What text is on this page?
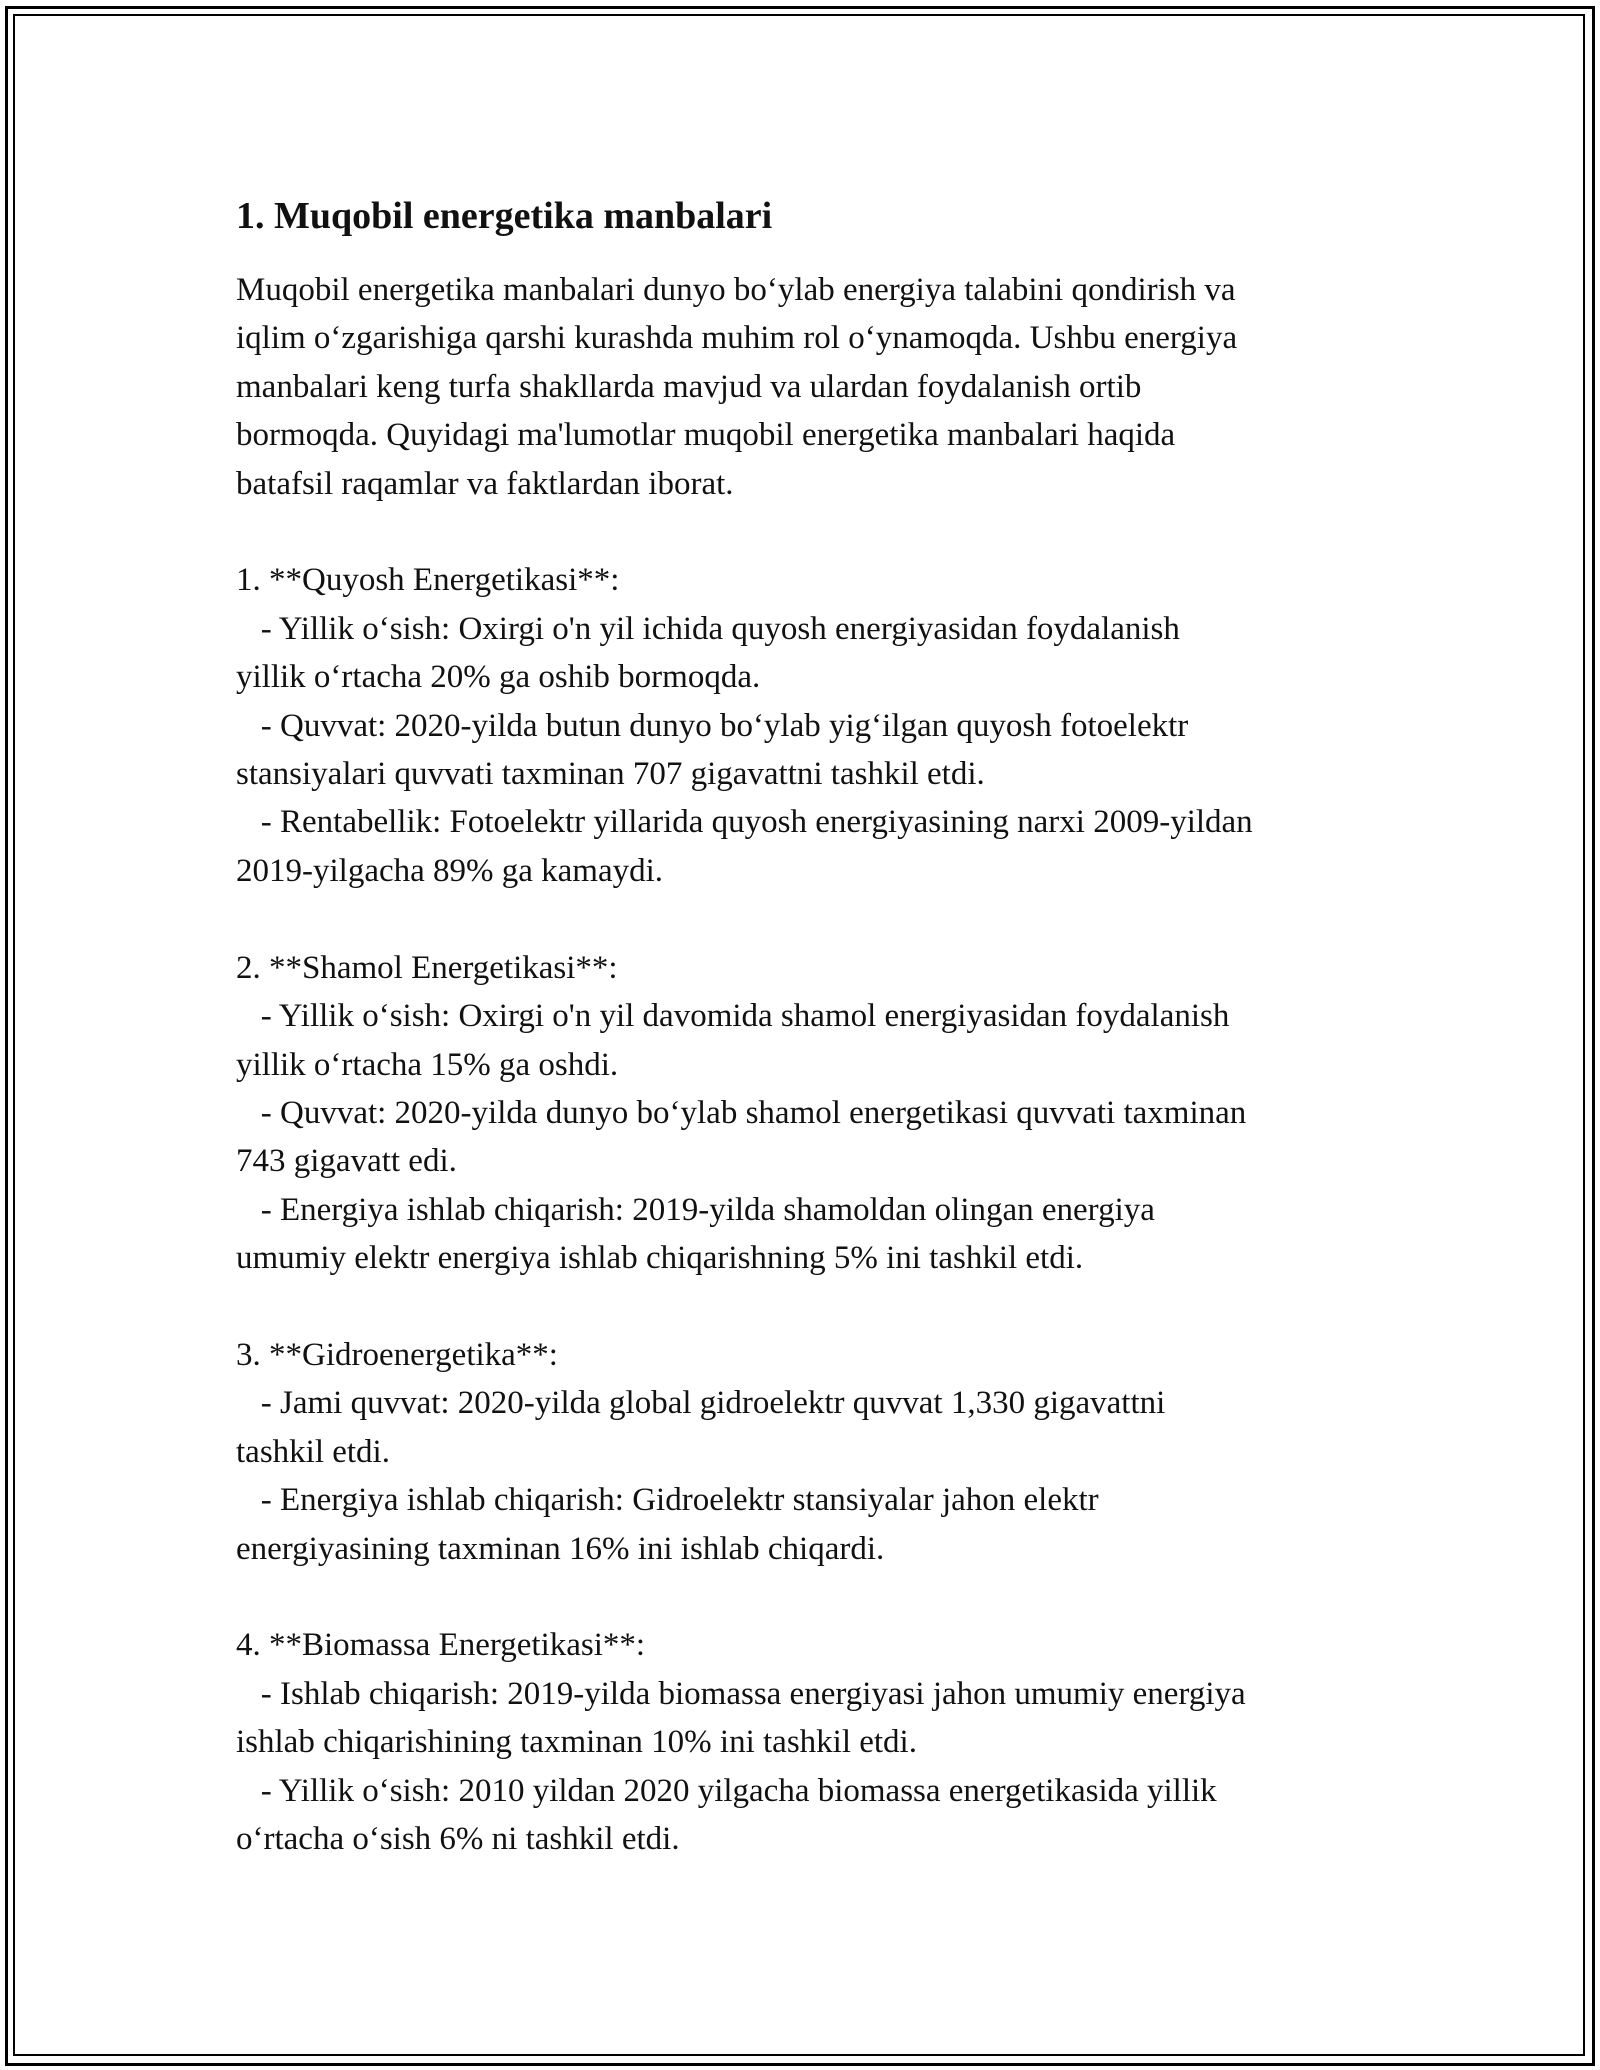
1. Muqobil energetika manbalari
Muqobil energetika manbalari dunyo bo‘ylab energiya talabini qondirish va
iqlim o‘zgarishiga qarshi kurashda muhim rol o‘ynamoqda. Ushbu energiya
manbalari keng turfa shakllarda mavjud va ulardan foydalanish ortib
bormoqda. Quyidagi ma'lumotlar muqobil energetika manbalari haqida
batafsil raqamlar va faktlardan iborat.

1. **Quyosh Energetikasi**:
- Yillik o‘sish: Oxirgi o'n yil ichida quyosh energiyasidan foydalanish
yillik o‘rtacha 20% ga oshib bormoqda.
- Quvvat: 2020-yilda butun dunyo bo‘ylab yig‘ilgan quyosh fotoelektr
stansiyalari quvvati taxminan 707 gigavattni tashkil etdi.
- Rentabellik: Fotoelektr yillarida quyosh energiyasining narxi 2009-yildan
2019-yilgacha 89% ga kamaydi.

2. **Shamol Energetikasi**:
- Yillik o‘sish: Oxirgi o'n yil davomida shamol energiyasidan foydalanish
yillik o‘rtacha 15% ga oshdi.
- Quvvat: 2020-yilda dunyo bo‘ylab shamol energetikasi quvvati taxminan
743 gigavatt edi.
- Energiya ishlab chiqarish: 2019-yilda shamoldan olingan energiya
umumiy elektr energiya ishlab chiqarishning 5% ini tashkil etdi.

3. **Gidroenergetika**:
- Jami quvvat: 2020-yilda global gidroelektr quvvat 1,330 gigavattni
tashkil etdi.
- Energiya ishlab chiqarish: Gidroelektr stansiyalar jahon elektr
energiyasining taxminan 16% ini ishlab chiqardi.

4. **Biomassa Energetikasi**:
- Ishlab chiqarish: 2019-yilda biomassa energiyasi jahon umumiy energiya
ishlab chiqarishining taxminan 10% ini tashkil etdi.
- Yillik o‘sish: 2010 yildan 2020 yilgacha biomassa energetikasida yillik
o‘rtacha o‘sish 6% ni tashkil etdi.
